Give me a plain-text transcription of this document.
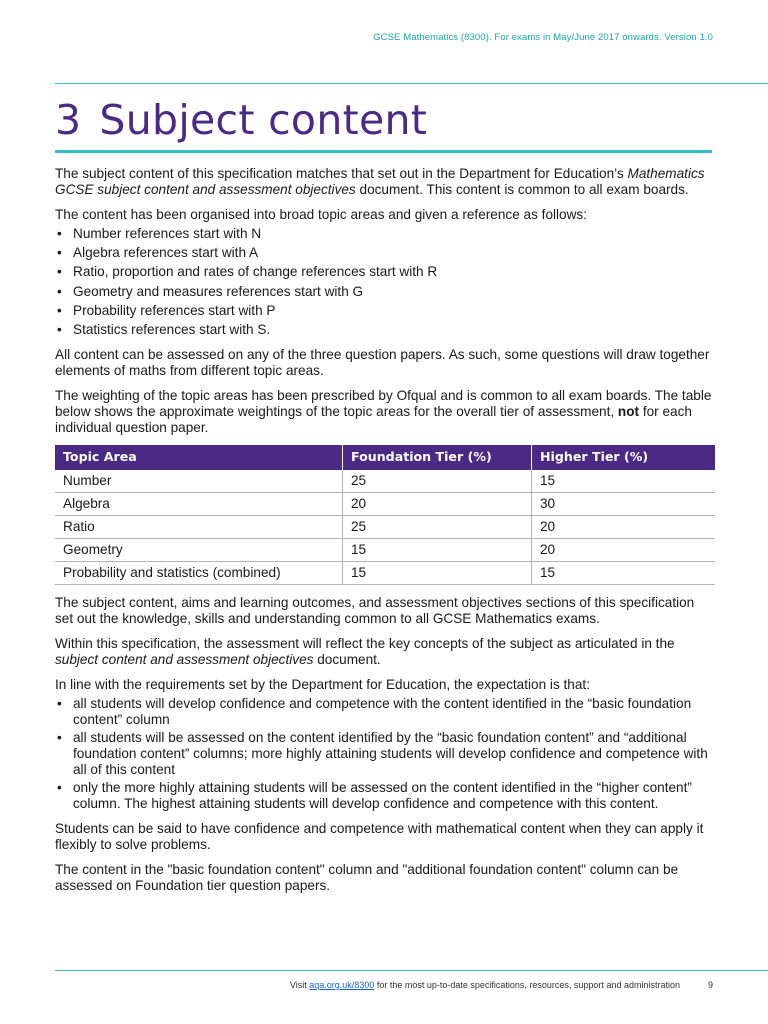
GCSE Mathematics (8300). For exams in May/June 2017 onwards. Version 1.0
3 Subject content

The subject content of this specification matches that set out in the Department for Education’s Mathematics GCSE subject content and assessment objectives document. This content is common to all exam boards.

The content has been organised into broad topic areas and given a reference as follows:

• Number references start with N
• Algebra references start with A
• Ratio, proportion and rates of change references start with R
• Geometry and measures references start with G
• Probability references start with P
• Statistics references start with S.

All content can be assessed on any of the three question papers. As such, some questions will draw together elements of maths from different topic areas.

The weighting of the topic areas has been prescribed by Ofqual and is common to all exam boards. The table below shows the approximate weightings of the topic areas for the overall tier of assessment, not for each individual question paper.

Topic Area	Foundation Tier (%)	Higher Tier (%)
Number	25	15
Algebra	20	30
Ratio	25	20
Geometry	15	20
Probability and statistics (combined)	15	15

The subject content, aims and learning outcomes, and assessment objectives sections of this specification set out the knowledge, skills and understanding common to all GCSE Mathematics exams.

Within this specification, the assessment will reflect the key concepts of the subject as articulated in the subject content and assessment objectives document.

In line with the requirements set by the Department for Education, the expectation is that:

• all students will develop confidence and competence with the content identified in the “basic foundation content” column
• all students will be assessed on the content identified by the “basic foundation content” and “additional foundation content” columns; more highly attaining students will develop confidence and competence with all of this content
• only the more highly attaining students will be assessed on the content identified in the “higher content” column. The highest attaining students will develop confidence and competence with this content.

Students can be said to have confidence and competence with mathematical content when they can apply it flexibly to solve problems.

The content in the "basic foundation content" column and "additional foundation content" column can be assessed on Foundation tier question papers.

Visit aqa.org.uk/8300 for the most up-to-date specifications, resources, support and administration	9
